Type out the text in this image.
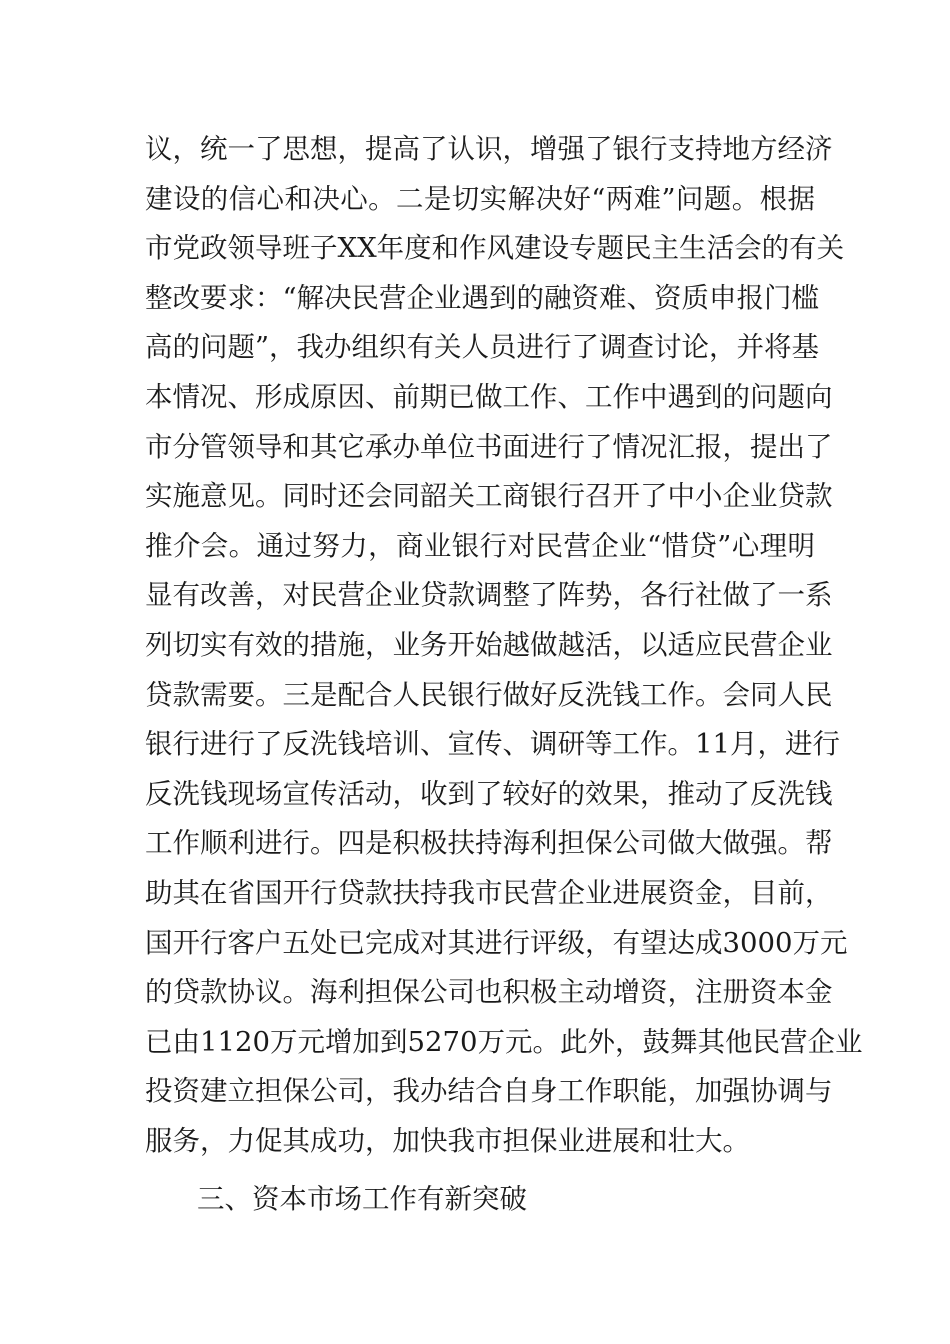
议，统一了思想，提高了认识，增强了银行支持地方经济
建设的信心和决心。二是切实解决好“两难”问题。根据
市党政领导班子XX年度和作风建设专题民主生活会的有关
整改要求：“解决民营企业遇到的融资难、资质申报门槛
高的问题”，我办组织有关人员进行了调查讨论，并将基
本情况、形成原因、前期已做工作、工作中遇到的问题向
市分管领导和其它承办单位书面进行了情况汇报，提出了
实施意见。同时还会同韶关工商银行召开了中小企业贷款
推介会。通过努力，商业银行对民营企业“惜贷”心理明
显有改善，对民营企业贷款调整了阵势，各行社做了一系
列切实有效的措施，业务开始越做越活，以适应民营企业
贷款需要。三是配合人民银行做好反洗钱工作。会同人民
银行进行了反洗钱培训、宣传、调研等工作。11月，进行
反洗钱现场宣传活动，收到了较好的效果，推动了反洗钱
工作顺利进行。四是积极扶持海利担保公司做大做强。帮
助其在省国开行贷款扶持我市民营企业进展资金，目前，
国开行客户五处已完成对其进行评级，有望达成3000万元
的贷款协议。海利担保公司也积极主动增资，注册资本金
已由1120万元增加到5270万元。此外，鼓舞其他民营企业
投资建立担保公司，我办结合自身工作职能，加强协调与
服务，力促其成功，加快我市担保业进展和壮大。
三、资本市场工作有新突破
